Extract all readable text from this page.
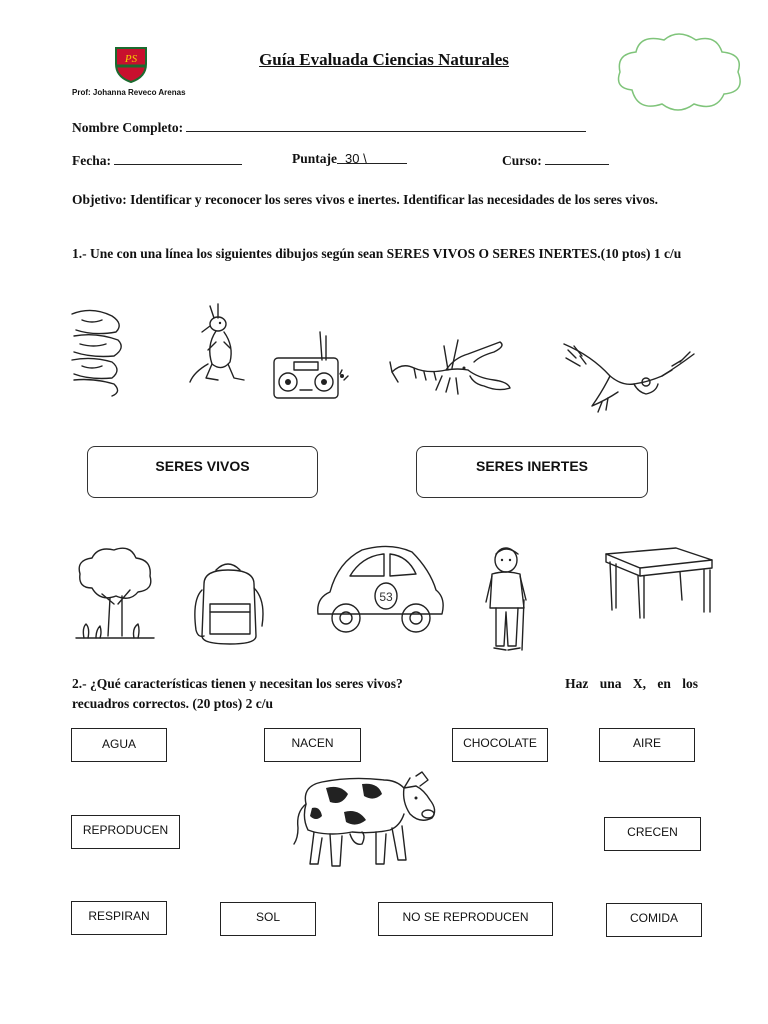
PS
Prof: Johanna Reveco Arenas
Guía Evaluada Ciencias Naturales
Nombre Completo:
Fecha:	Puntaje 30 \	Curso:
Objetivo: Identificar y reconocer los seres vivos e inertes. Identificar las necesidades de los seres vivos.
1.- Une con una línea los siguientes dibujos según sean SERES VIVOS O SERES INERTES.(10 ptos) 1 c/u
SERES VIVOS	SERES INERTES
53
Haz una X, en los
2.- ¿Qué características tienen y necesitan los seres vivos?
recuadros correctos. (20 ptos) 2 c/u
AGUA	NACEN	CHOCOLATE	AIRE
REPRODUCEN	CRECEN
RESPIRAN	SOL	NO SE REPRODUCEN	COMIDA
